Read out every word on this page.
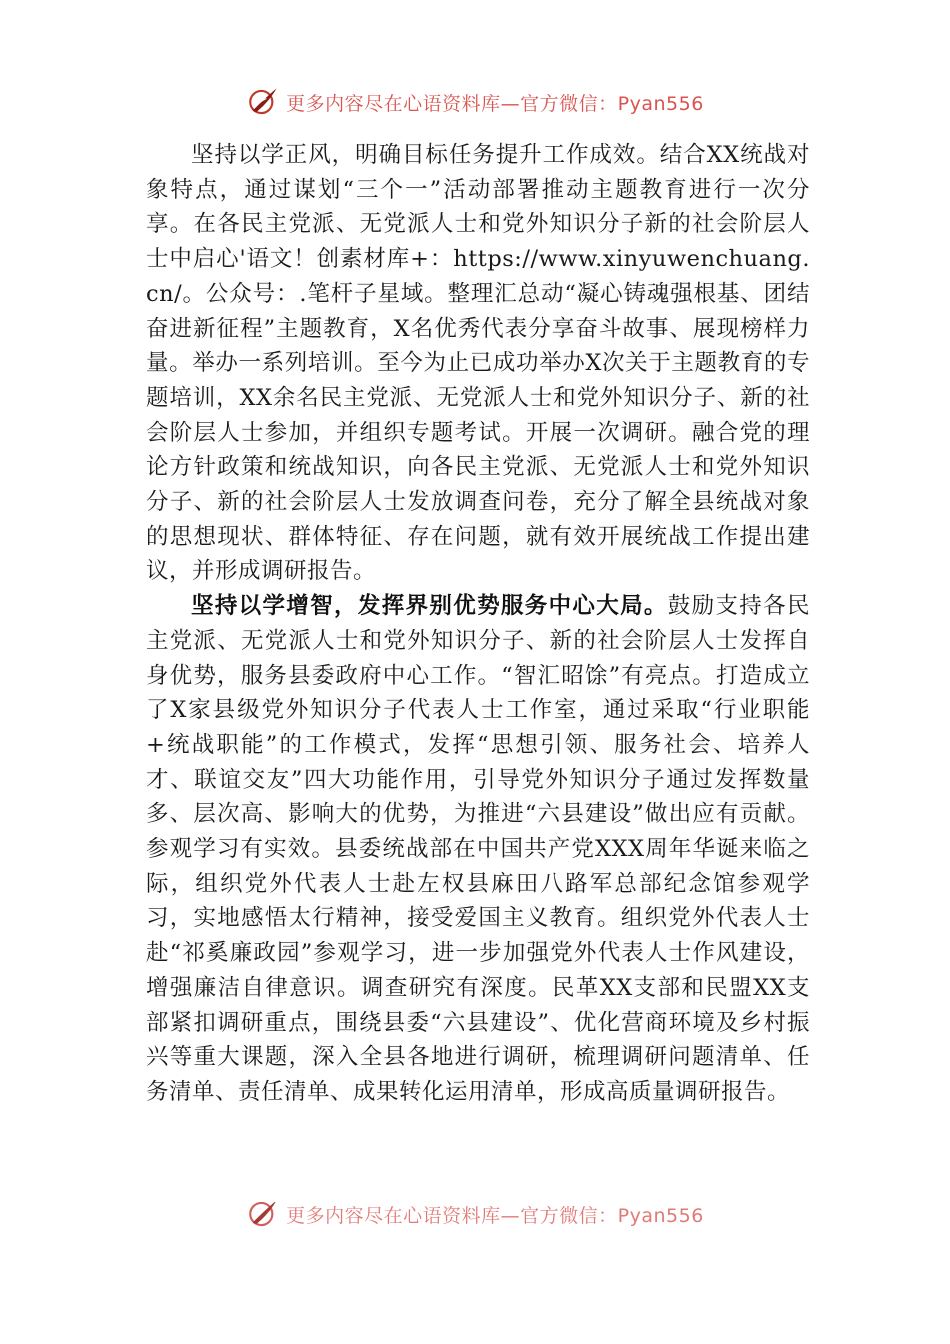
更多内容尽在心语资料库—官方微信：Pyan556

坚持以学正风，明确目标任务提升工作成效。结合XX统战对象特点，通过谋划“三个一”活动部署推动主题教育进行一次分享。在各民主党派、无党派人士和党外知识分子新的社会阶层人士中启心'语文！创素材库+：https://www.xinyuwenchuang.cn/。公众号：.笔杆子星域。整理汇总动“凝心铸魂强根基、团结奋进新征程”主题教育，X名优秀代表分享奋斗故事、展现榜样力量。举办一系列培训。至今为止已成功举办X次关于主题教育的专题培训，XX余名民主党派、无党派人士和党外知识分子、新的社会阶层人士参加，并组织专题考试。开展一次调研。融合党的理论方针政策和统战知识，向各民主党派、无党派人士和党外知识分子、新的社会阶层人士发放调查问卷，充分了解全县统战对象的思想现状、群体特征、存在问题，就有效开展统战工作提出建议，并形成调研报告。

坚持以学增智，发挥界别优势服务中心大局。鼓励支持各民主党派、无党派人士和党外知识分子、新的社会阶层人士发挥自身优势，服务县委政府中心工作。“智汇昭馀”有亮点。打造成立了X家县级党外知识分子代表人士工作室，通过采取“行业职能+统战职能”的工作模式，发挥“思想引领、服务社会、培养人才、联谊交友”四大功能作用，引导党外知识分子通过发挥数量多、层次高、影响大的优势，为推进“六县建设”做出应有贡献。参观学习有实效。县委统战部在中国共产党XXX周年华诞来临之际，组织党外代表人士赴左权县麻田八路军总部纪念馆参观学习，实地感悟太行精神，接受爱国主义教育。组织党外代表人士赴“祁奚廉政园”参观学习，进一步加强党外代表人士作风建设，增强廉洁自律意识。调查研究有深度。民革XX支部和民盟XX支部紧扣调研重点，围绕县委“六县建设”、优化营商环境及乡村振兴等重大课题，深入全县各地进行调研，梳理调研问题清单、任务清单、责任清单、成果转化运用清单，形成高质量调研报告。

更多内容尽在心语资料库—官方微信：Pyan556
